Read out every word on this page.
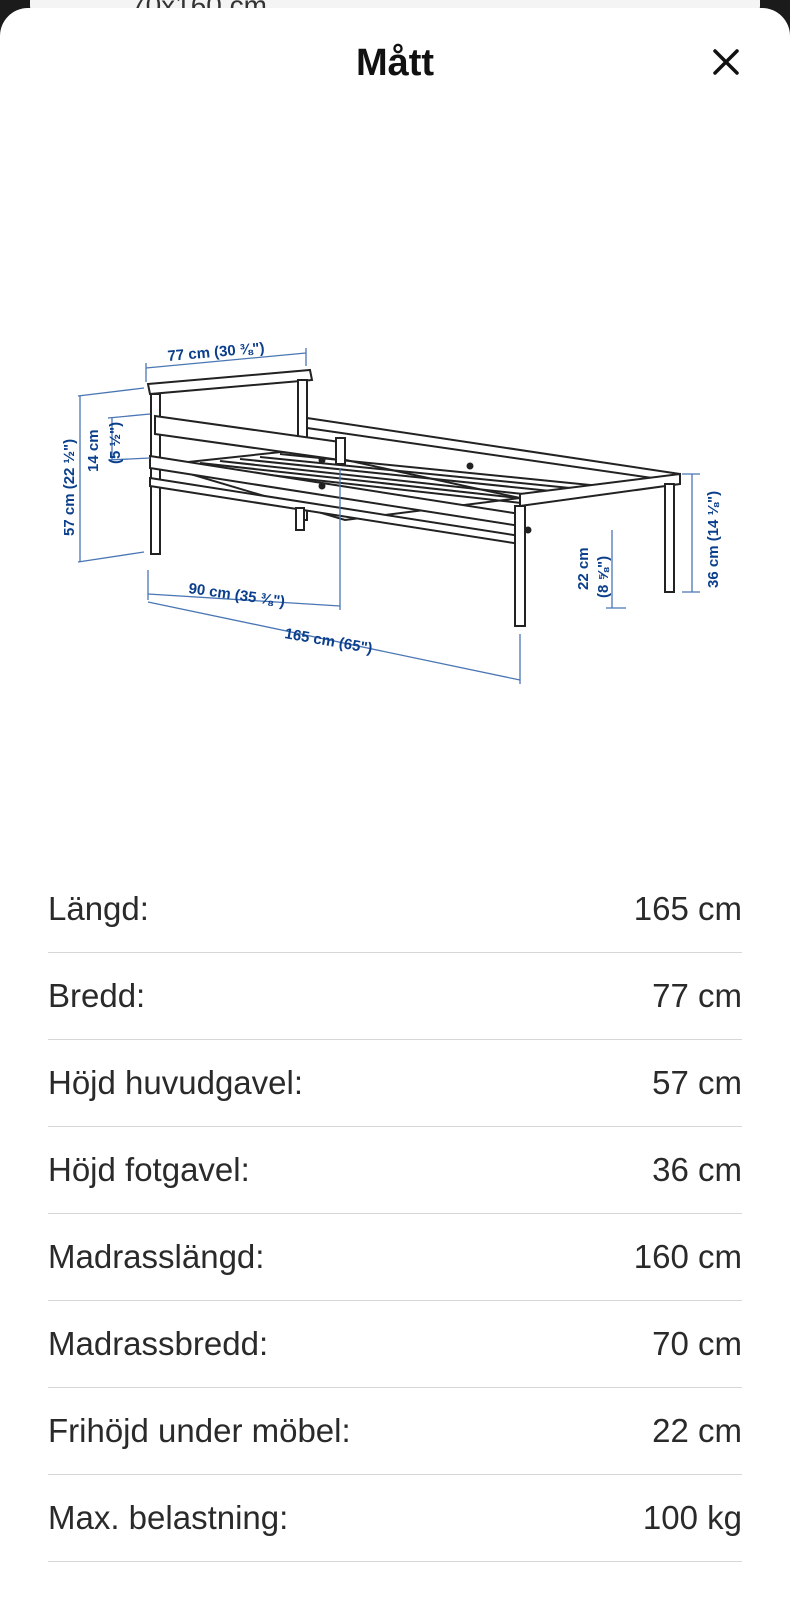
Mått
77 cm (30 ⅜")
57 cm (22 ½") 14 cm (5 ½")
90 cm (35 ⅜")
165 cm (65")
22 cm (8 ⅝")	36 cm (14 ⅛")
Längd:	165 cm
Bredd:	77 cm
Höjd huvudgavel:	57 cm
Höjd fotgavel:	36 cm
Madrasslängd:	160 cm
Madrassbredd:	70 cm
Frihöjd under möbel:	22 cm
Max. belastning:	100 kg
